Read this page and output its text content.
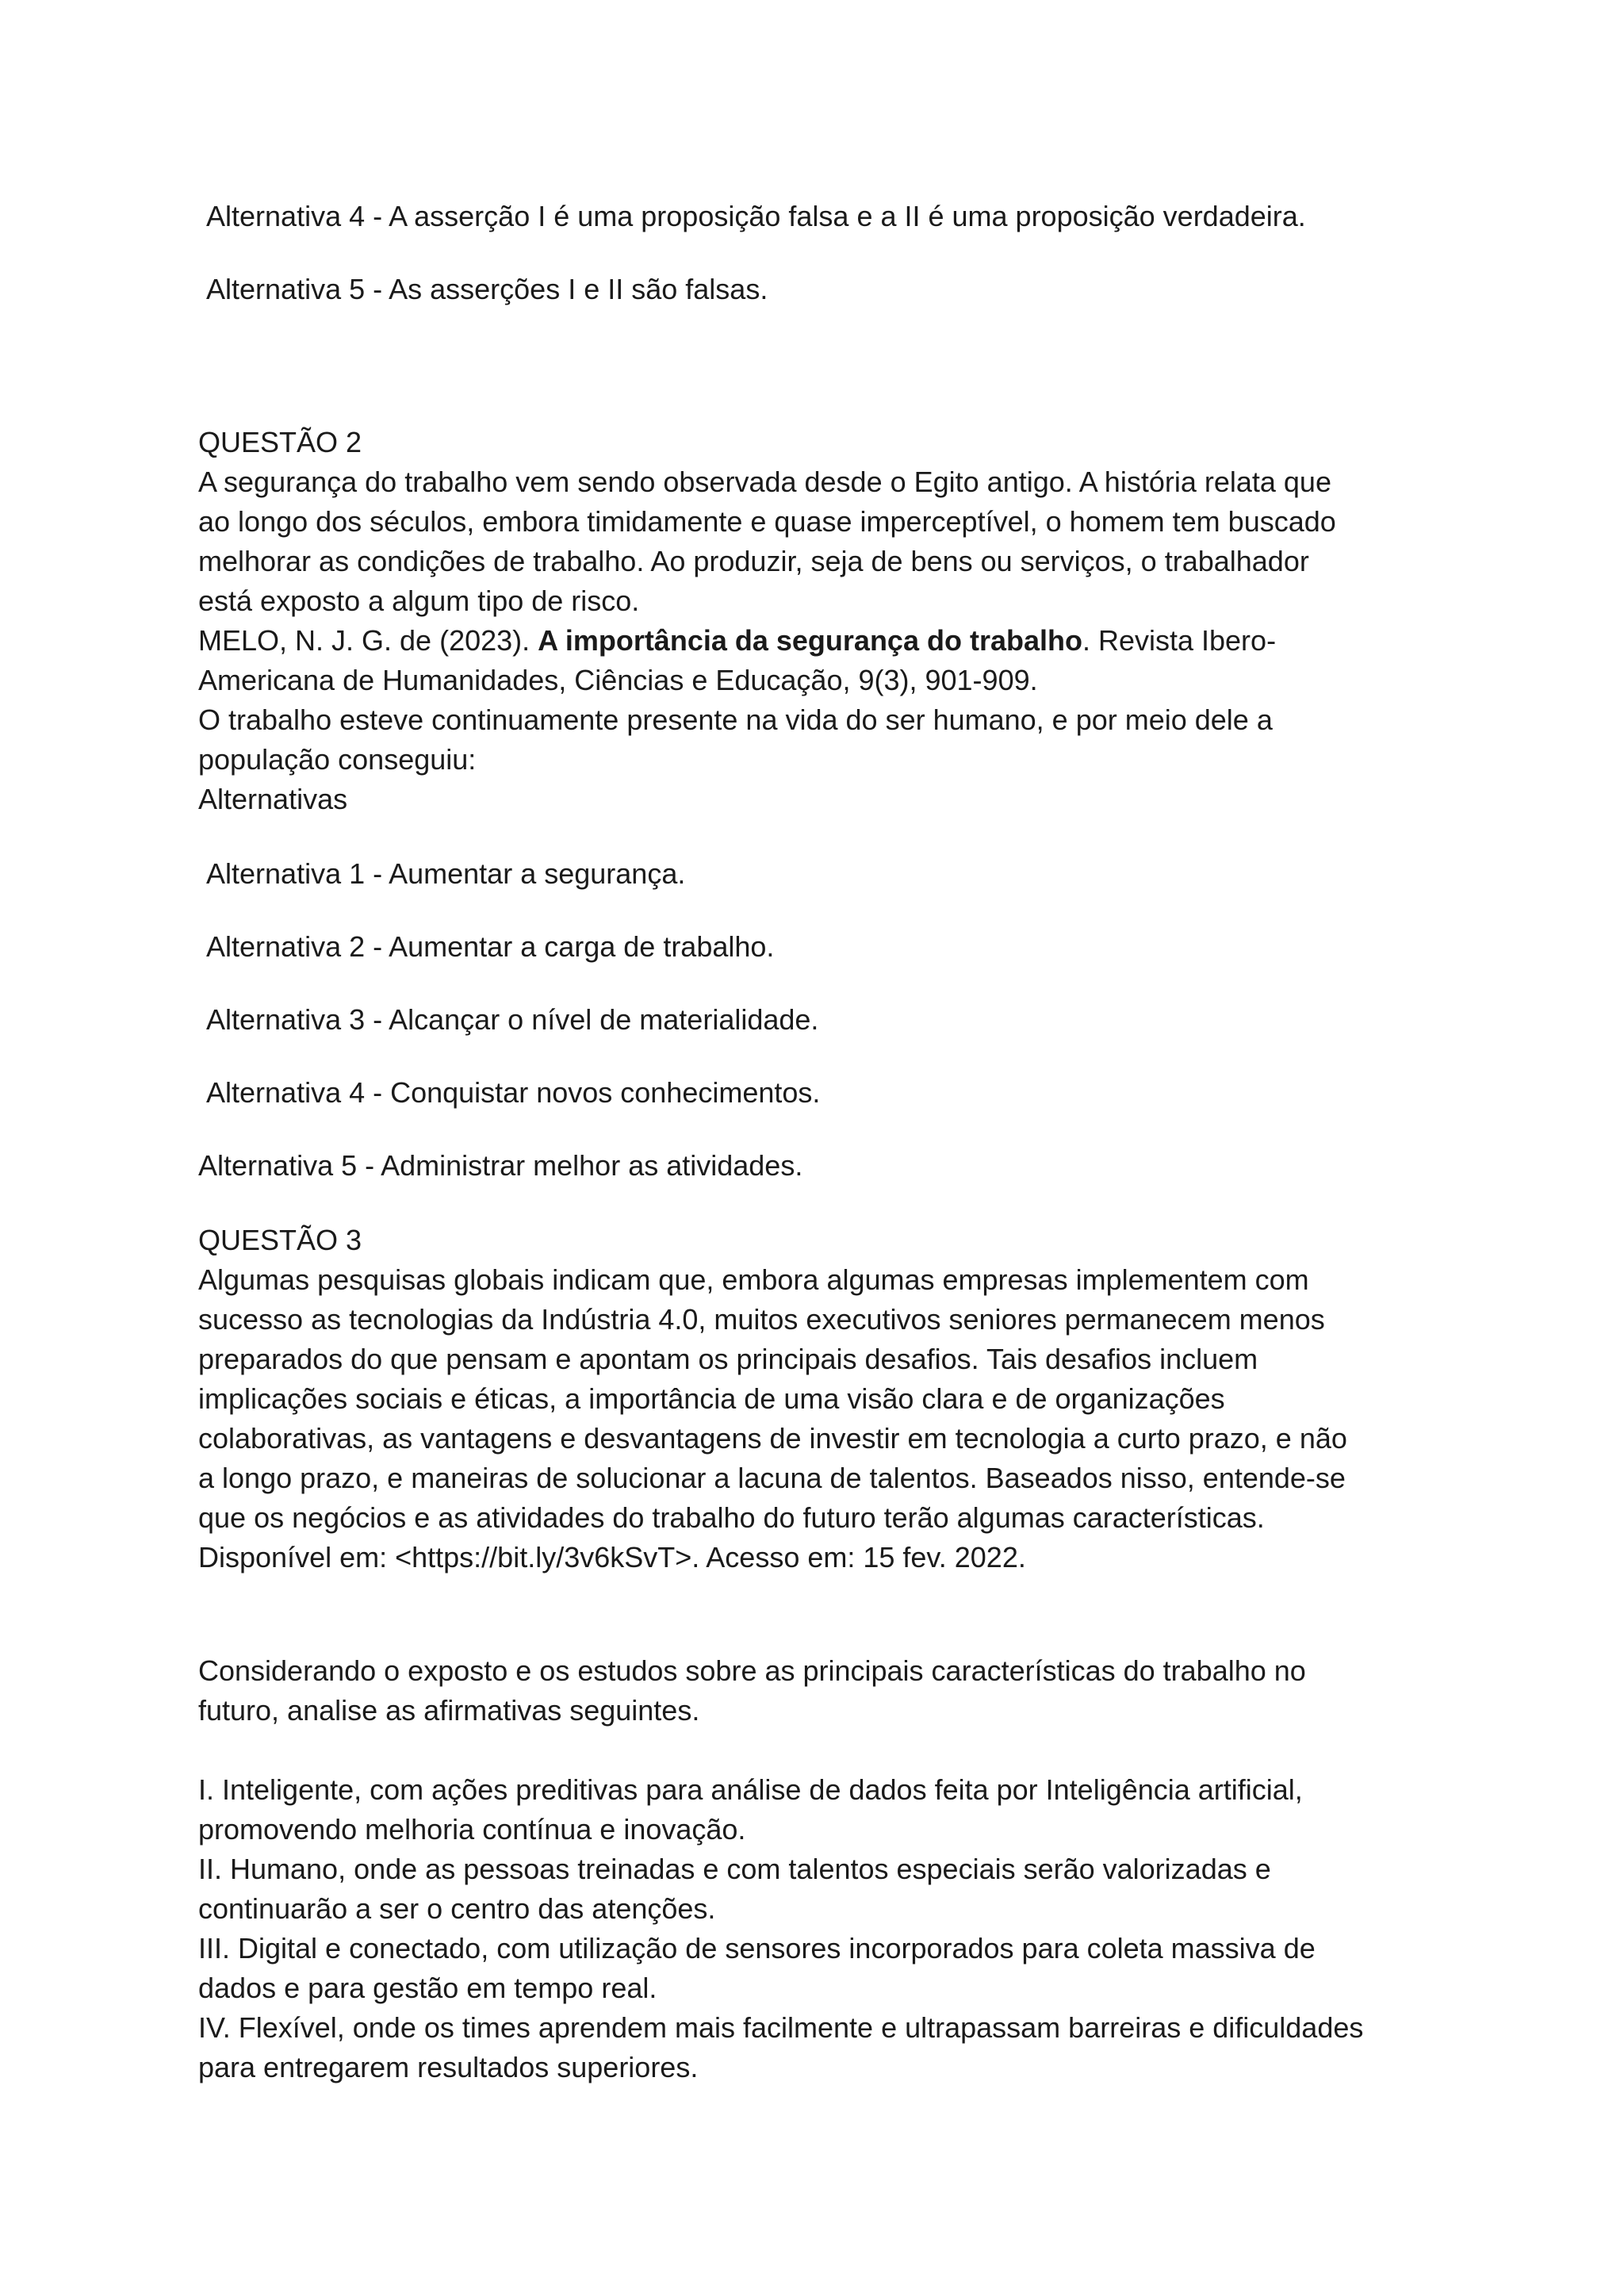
Alternativa 4 - A asserção I é uma proposição falsa e a II é uma proposição verdadeira.

Alternativa 5 - As asserções I e II são falsas.

QUESTÃO 2

A segurança do trabalho vem sendo observada desde o Egito antigo. A história relata que

ao longo dos séculos, embora timidamente e quase imperceptível, o homem tem buscado

melhorar as condições de trabalho. Ao produzir, seja de bens ou serviços, o trabalhador

está exposto a algum tipo de risco.

MELO, N. J. G. de (2023). A importância da segurança do trabalho. Revista Ibero-

Americana de Humanidades, Ciências e Educação, 9(3), 901-909.

O trabalho esteve continuamente presente na vida do ser humano, e por meio dele a

população conseguiu:

Alternativas

Alternativa 1 - Aumentar a segurança.

Alternativa 2 - Aumentar a carga de trabalho.

Alternativa 3 - Alcançar o nível de materialidade.

Alternativa 4 - Conquistar novos conhecimentos.

Alternativa 5 - Administrar melhor as atividades.

QUESTÃO 3

Algumas pesquisas globais indicam que, embora algumas empresas implementem com

sucesso as tecnologias da Indústria 4.0, muitos executivos seniores permanecem menos

preparados do que pensam e apontam os principais desafios. Tais desafios incluem

implicações sociais e éticas, a importância de uma visão clara e de organizações

colaborativas, as vantagens e desvantagens de investir em tecnologia a curto prazo, e não

a longo prazo, e maneiras de solucionar a lacuna de talentos. Baseados nisso, entende-se

que os negócios e as atividades do trabalho do futuro terão algumas características.

Disponível em: <https://bit.ly/3v6kSvT>. Acesso em: 15 fev. 2022.

Considerando o exposto e os estudos sobre as principais características do trabalho no

futuro, analise as afirmativas seguintes.

I. Inteligente, com ações preditivas para análise de dados feita por Inteligência artificial,

promovendo melhoria contínua e inovação.

II. Humano, onde as pessoas treinadas e com talentos especiais serão valorizadas e

continuarão a ser o centro das atenções.

III. Digital e conectado, com utilização de sensores incorporados para coleta massiva de

dados e para gestão em tempo real.

IV. Flexível, onde os times aprendem mais facilmente e ultrapassam barreiras e dificuldades

para entregarem resultados superiores.
